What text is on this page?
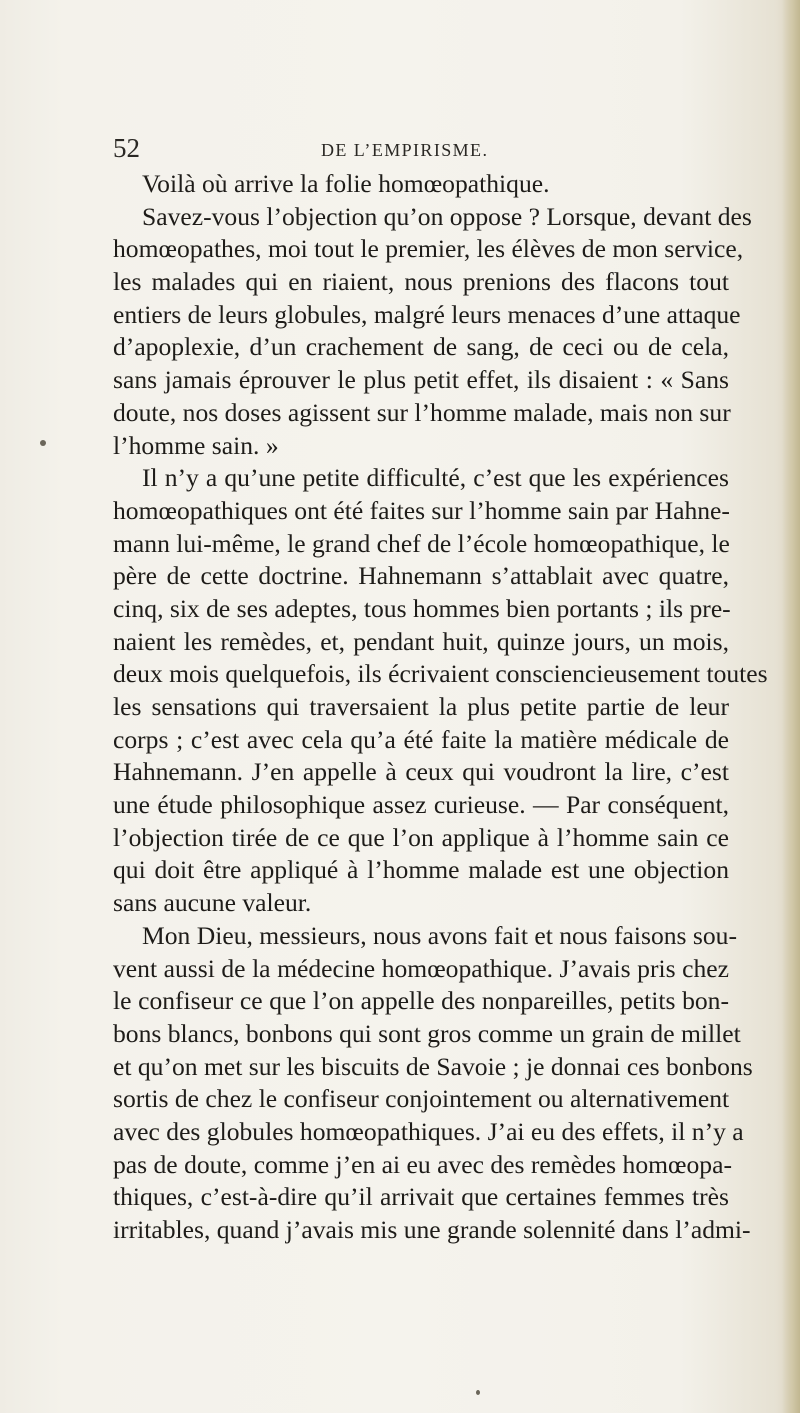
52	DE L’EMPIRISME.
Voilà où arrive la folie homœopathique.
Savez-vous l’objection qu’on oppose ? Lorsque, devant des
homœopathes, moi tout le premier, les élèves de mon service,
les malades qui en riaient, nous prenions des flacons tout
entiers de leurs globules, malgré leurs menaces d’une attaque
d’apoplexie, d’un crachement de sang, de ceci ou de cela,
sans jamais éprouver le plus petit effet, ils disaient : « Sans
doute, nos doses agissent sur l’homme malade, mais non sur
l’homme sain. »
Il n’y a qu’une petite difficulté, c’est que les expériences
homœopathiques ont été faites sur l’homme sain par Hahne-
mann lui-même, le grand chef de l’école homœopathique, le
père de cette doctrine. Hahnemann s’attablait avec quatre,
cinq, six de ses adeptes, tous hommes bien portants ; ils pre-
naient les remèdes, et, pendant huit, quinze jours, un mois,
deux mois quelquefois, ils écrivaient consciencieusement toutes
les sensations qui traversaient la plus petite partie de leur
corps ; c’est avec cela qu’a été faite la matière médicale de
Hahnemann. J’en appelle à ceux qui voudront la lire, c’est
une étude philosophique assez curieuse. — Par conséquent,
l’objection tirée de ce que l’on applique à l’homme sain ce
qui doit être appliqué à l’homme malade est une objection
sans aucune valeur.
Mon Dieu, messieurs, nous avons fait et nous faisons sou-
vent aussi de la médecine homœopathique. J’avais pris chez
le confiseur ce que l’on appelle des nonpareilles, petits bon-
bons blancs, bonbons qui sont gros comme un grain de millet
et qu’on met sur les biscuits de Savoie ; je donnai ces bonbons
sortis de chez le confiseur conjointement ou alternativement
avec des globules homœopathiques. J’ai eu des effets, il n’y a
pas de doute, comme j’en ai eu avec des remèdes homœopa-
thiques, c’est-à-dire qu’il arrivait que certaines femmes très
irritables, quand j’avais mis une grande solennité dans l’admi-
